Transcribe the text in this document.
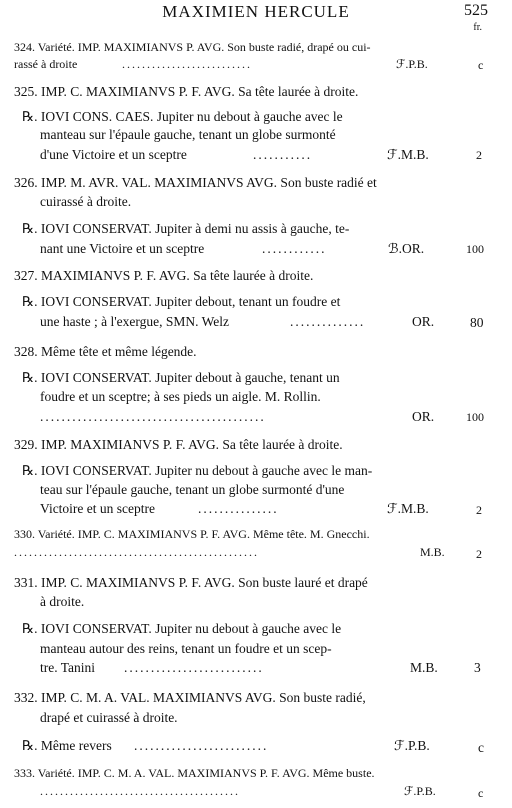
MAXIMIEN HERCULE	525
fr.
324. Variété. IMP. MAXIMIANVS P. AVG. Son buste radié, drapé ou cui-
rassé à droite	..........................	ℱ.P.B.	c
325. IMP. C. MAXIMIANVS P. F. AVG. Sa tête laurée à droite.
℞. IOVI CONS. CAES. Jupiter nu debout à gauche avec le
manteau sur l'épaule gauche, tenant un globe surmonté
d'une Victoire et un sceptre	...........	ℱ.M.B.	2
326. IMP. M. AVR. VAL. MAXIMIANVS AVG. Son buste radié et
cuirassé à droite.
℞. IOVI CONSERVAT. Jupiter à demi nu assis à gauche, te-
nant une Victoire et un sceptre	............	ℬ.OR.	100
327. MAXIMIANVS P. F. AVG. Sa tête laurée à droite.
℞. IOVI CONSERVAT. Jupiter debout, tenant un foudre et
une haste ; à l'exergue, SMN. Welz	..............	OR.	80
328. Même tête et même légende.
℞. IOVI CONSERVAT. Jupiter debout à gauche, tenant un
foudre et un sceptre; à ses pieds un aigle. M. Rollin.
..........................................	OR.	100
329. IMP. MAXIMIANVS P. F. AVG. Sa tête laurée à droite.
℞. IOVI CONSERVAT. Jupiter nu debout à gauche avec le man-
teau sur l'épaule gauche, tenant un globe surmonté d'une
Victoire et un sceptre	...............	ℱ.M.B.	2
330. Variété. IMP. C. MAXIMIANVS P. F. AVG. Même tête. M. Gnecchi.
.................................................	M.B.	2
331. IMP. C. MAXIMIANVS P. F. AVG. Son buste lauré et drapé
à droite.
℞. IOVI CONSERVAT. Jupiter nu debout à gauche avec le
manteau autour des reins, tenant un foudre et un scep-
tre. Tanini ..........................	M.B.	3
332. IMP. C. M. A. VAL. MAXIMIANVS AVG. Son buste radié,
drapé et cuirassé à droite.
℞. Même revers .........................	ℱ.P.B.	c
333. Variété. IMP. C. M. A. VAL. MAXIMIANVS P. F. AVG. Même buste.
........................................	ℱ.P.B.	c
